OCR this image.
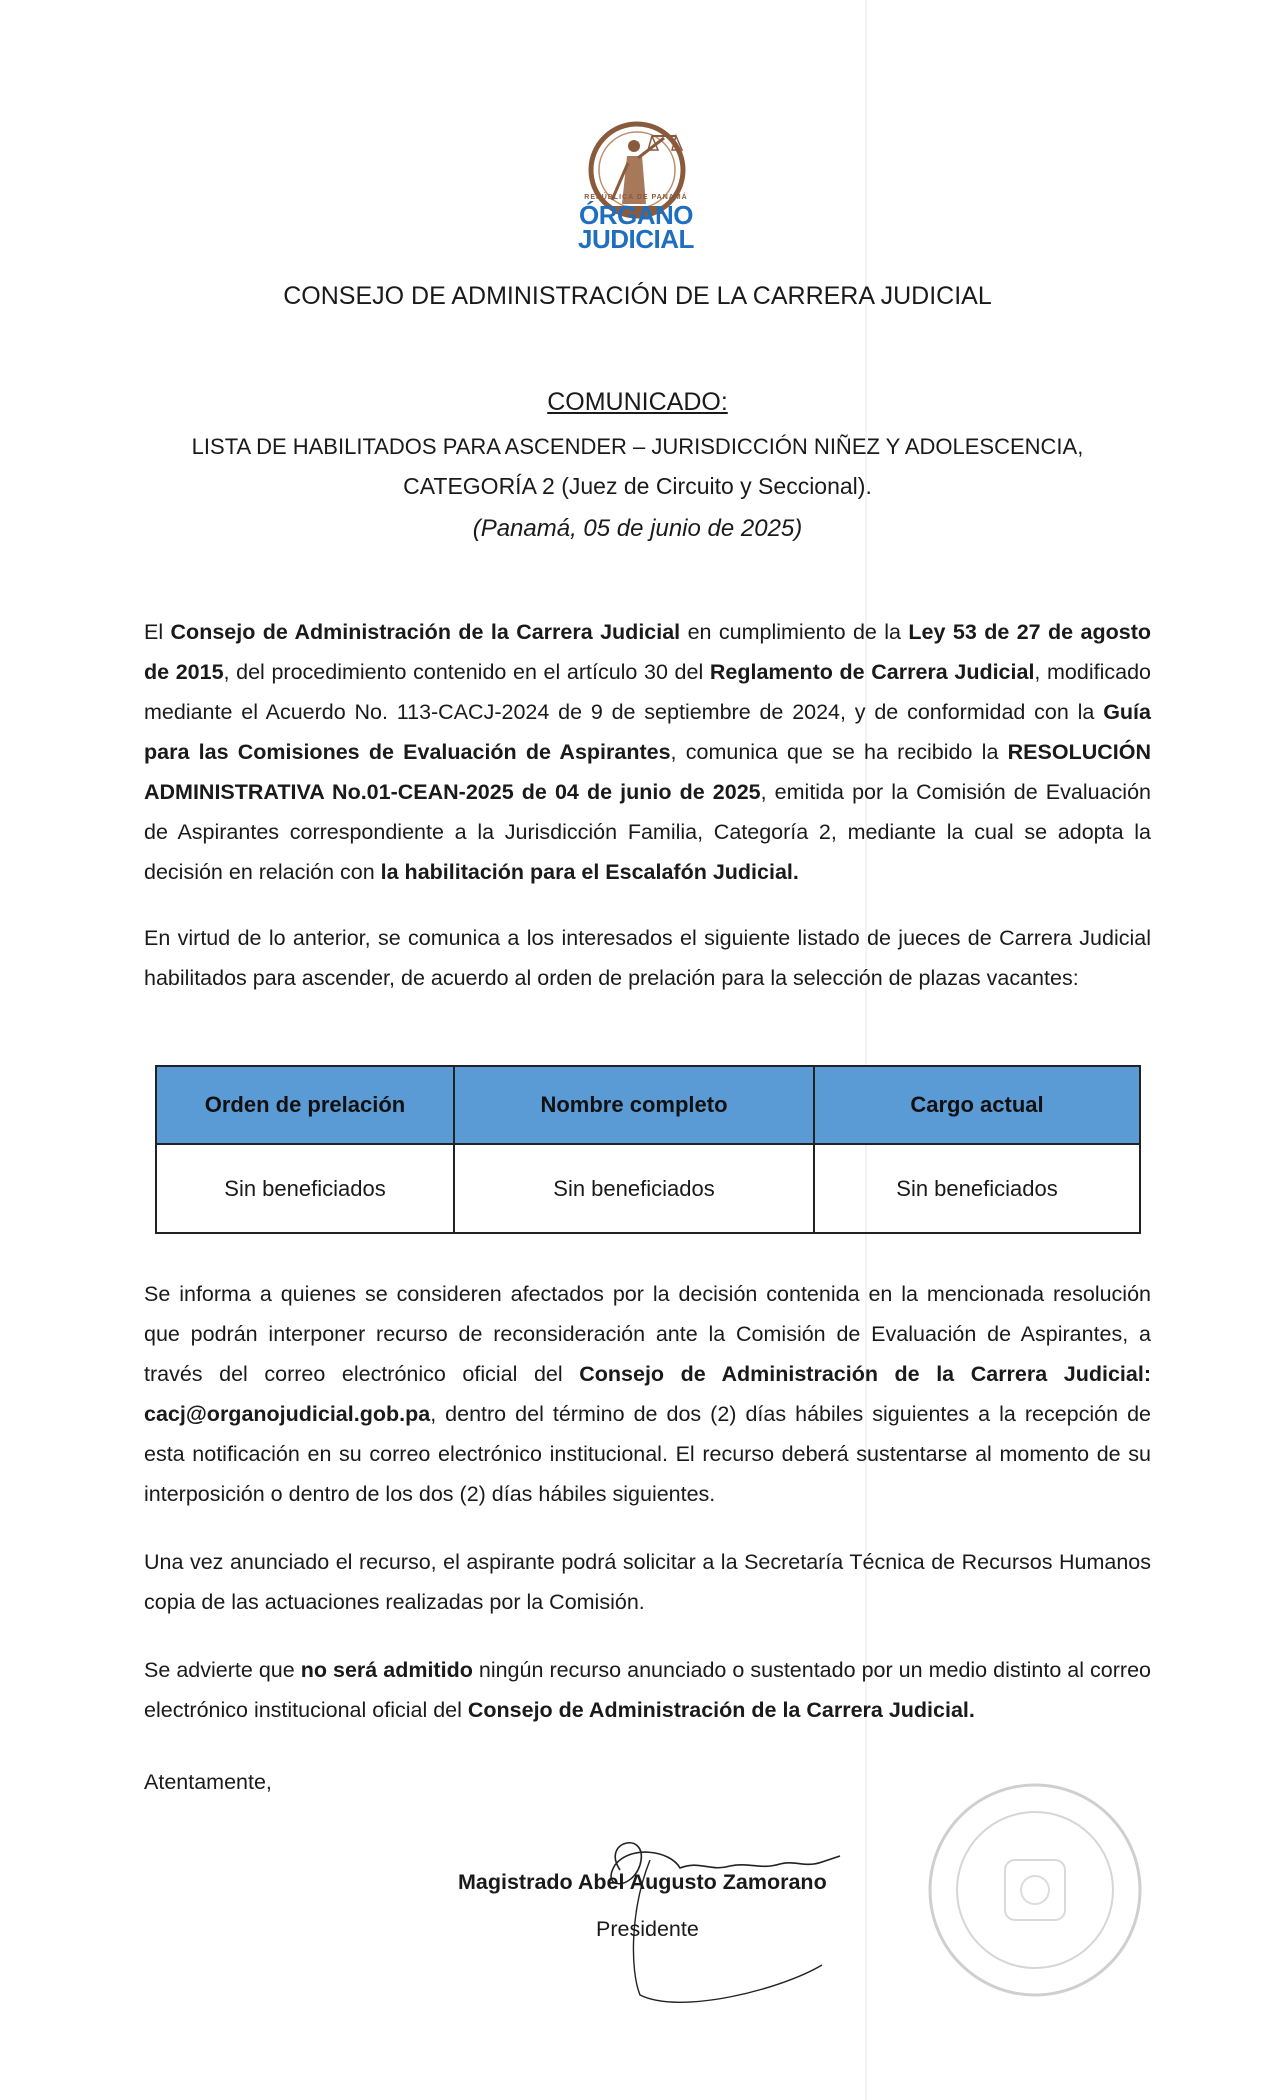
REPÚBLICA DE PANAMÁ
ÓRGANO
JUDICIAL
CONSEJO DE ADMINISTRACIÓN DE LA CARRERA JUDICIAL
COMUNICADO:
LISTA DE HABILITADOS PARA ASCENDER – JURISDICCIÓN NIÑEZ Y ADOLESCENCIA,
CATEGORÍA 2 (Juez de Circuito y Seccional).
(Panamá, 05 de junio de 2025)
El Consejo de Administración de la Carrera Judicial en cumplimiento de la Ley 53 de 27 de agosto de 2015, del procedimiento contenido en el artículo 30 del Reglamento de Carrera Judicial, modificado mediante el Acuerdo No. 113-CACJ-2024 de 9 de septiembre de 2024, y de conformidad con la Guía para las Comisiones de Evaluación de Aspirantes, comunica que se ha recibido la RESOLUCIÓN ADMINISTRATIVA No.01-CEAN-2025 de 04 de junio de 2025, emitida por la Comisión de Evaluación de Aspirantes correspondiente a la Jurisdicción Familia, Categoría 2, mediante la cual se adopta la decisión en relación con la habilitación para el Escalafón Judicial.
En virtud de lo anterior, se comunica a los interesados el siguiente listado de jueces de Carrera Judicial habilitados para ascender, de acuerdo al orden de prelación para la selección de plazas vacantes:
Orden de prelación	Nombre completo	Cargo actual
Sin beneficiados	Sin beneficiados	Sin beneficiados
Se informa a quienes se consideren afectados por la decisión contenida en la mencionada resolución que podrán interponer recurso de reconsideración ante la Comisión de Evaluación de Aspirantes, a través del correo electrónico oficial del Consejo de Administración de la Carrera Judicial: cacj@organojudicial.gob.pa, dentro del término de dos (2) días hábiles siguientes a la recepción de esta notificación en su correo electrónico institucional. El recurso deberá sustentarse al momento de su interposición o dentro de los dos (2) días hábiles siguientes.
Una vez anunciado el recurso, el aspirante podrá solicitar a la Secretaría Técnica de Recursos Humanos copia de las actuaciones realizadas por la Comisión.
Se advierte que no será admitido ningún recurso anunciado o sustentado por un medio distinto al correo electrónico institucional oficial del Consejo de Administración de la Carrera Judicial.
Atentamente,
Magistrado Abel Augusto Zamorano
Presidente
